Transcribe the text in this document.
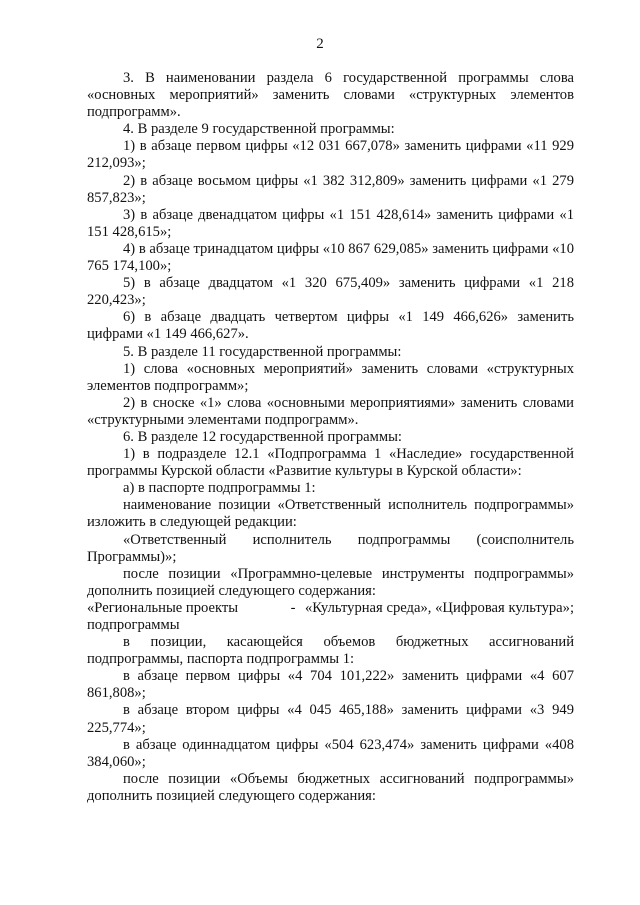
2

3. В наименовании раздела 6 государственной программы слова «основных мероприятий» заменить словами «структурных элементов подпрограмм».

4. В разделе 9 государственной программы:

1) в абзаце первом цифры «12 031 667,078» заменить цифрами «11 929 212,093»;

2) в абзаце восьмом цифры «1 382 312,809» заменить цифрами «1 279 857,823»;

3) в абзаце двенадцатом цифры «1 151 428,614» заменить цифрами «1 151 428,615»;

4) в абзаце тринадцатом цифры «10 867 629,085» заменить цифрами «10 765 174,100»;

5) в абзаце двадцатом «1 320 675,409» заменить цифрами «1 218 220,423»;

6) в абзаце двадцать четвертом цифры «1 149 466,626» заменить цифрами «1 149 466,627».

5. В разделе 11 государственной программы:

1) слова «основных мероприятий» заменить словами «структурных элементов подпрограмм»;

2) в сноске «1» слова «основными мероприятиями» заменить словами «структурными элементами подпрограмм».

6. В разделе 12 государственной программы:

1) в подразделе 12.1 «Подпрограмма 1 «Наследие» государственной программы Курской области «Развитие культуры в Курской области»:

а) в паспорте подпрограммы 1:

наименование позиции «Ответственный исполнитель подпрограммы» изложить в следующей редакции:

«Ответственный исполнитель подпрограммы (соисполнитель Программы)»;

после позиции «Программно-целевые инструменты подпрограммы» дополнить позицией следующего содержания:

«Региональные проекты подпрограммы
- «Культурная среда», «Цифровая культура»;

в позиции, касающейся объемов бюджетных ассигнований подпрограммы, паспорта подпрограммы 1:

в абзаце первом цифры «4 704 101,222» заменить цифрами «4 607 861,808»;

в абзаце втором цифры «4 045 465,188» заменить цифрами «3 949 225,774»;

в абзаце одиннадцатом цифры «504 623,474» заменить цифрами «408 384,060»;

после позиции «Объемы бюджетных ассигнований подпрограммы» дополнить позицией следующего содержания:
